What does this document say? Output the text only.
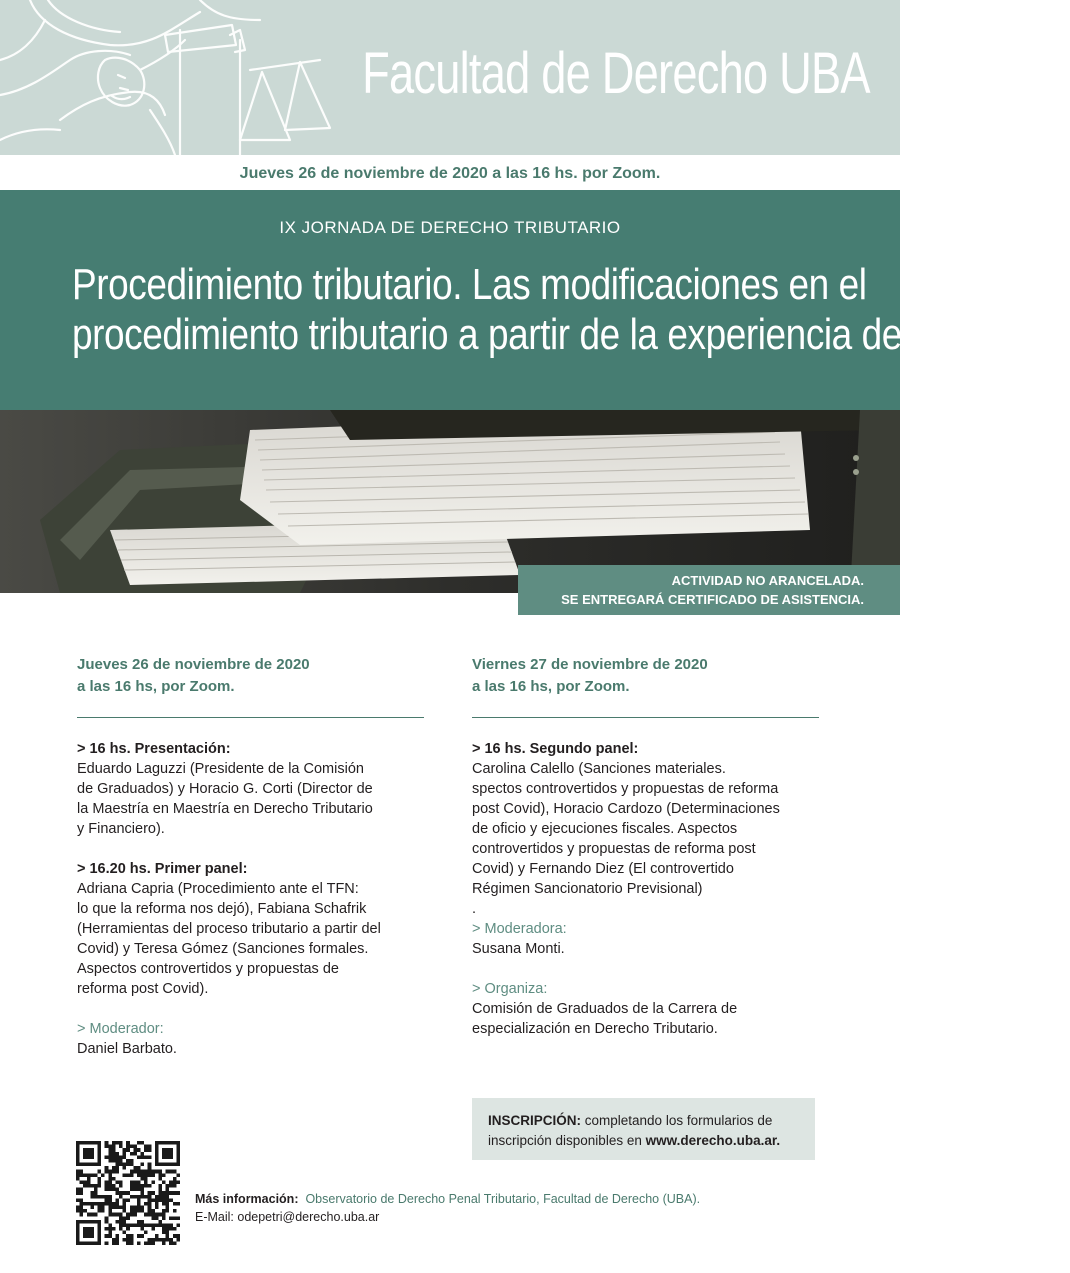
Facultad de Derecho UBA
Jueves 26 de noviembre de 2020 a las 16 hs. por Zoom.
IX JORNADA DE DERECHO TRIBUTARIO
Procedimiento tributario. Las modificaciones en el
procedimiento tributario a partir de la experiencia del año 2020
ACTIVIDAD NO ARANCELADA.
SE ENTREGARÁ CERTIFICADO DE ASISTENCIA.
Jueves 26 de noviembre de 2020
a las 16 hs, por Zoom.
> 16 hs. Presentación:
Eduardo Laguzzi (Presidente de la Comisión
de Graduados) y Horacio G. Corti (Director de
la Maestría en Maestría en Derecho Tributario
y Financiero).
> 16.20 hs. Primer panel:
Adriana Capria (Procedimiento ante el TFN:
lo que la reforma nos dejó), Fabiana Schafrik
(Herramientas del proceso tributario a partir del
Covid) y Teresa Gómez (Sanciones formales.
Aspectos controvertidos y propuestas de
reforma post Covid).
> Moderador:
Daniel Barbato.
Viernes 27 de noviembre de 2020
a las 16 hs, por Zoom.
> 16 hs. Segundo panel:
Carolina Calello (Sanciones materiales.
spectos controvertidos y propuestas de reforma
post Covid), Horacio Cardozo (Determinaciones
de oficio y ejecuciones fiscales. Aspectos
controvertidos y propuestas de reforma post
Covid) y Fernando Diez (El controvertido
Régimen Sancionatorio Previsional)
.
> Moderadora:
Susana Monti.
> Organiza:
Comisión de Graduados de la Carrera de
especialización en Derecho Tributario.
INSCRIPCIÓN: completando los formularios de
inscripción disponibles en www.derecho.uba.ar.
Más información: Observatorio de Derecho Penal Tributario, Facultad de Derecho (UBA).
E-Mail: odepetri@derecho.uba.ar
